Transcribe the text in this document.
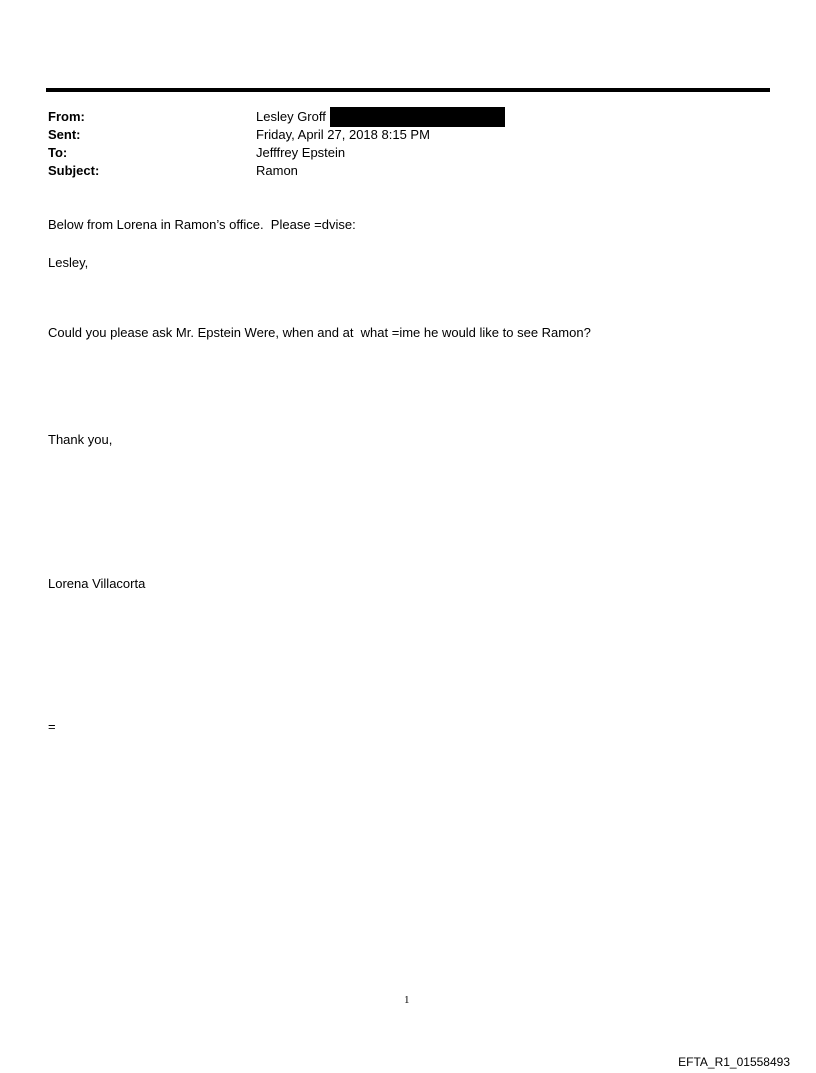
From:	Lesley Groff
Sent:	Friday, April 27, 2018 8:15 PM
To:	Jefffrey Epstein
Subject:	Ramon
Below from Lorena in Ramon’s office.  Please =dvise:
Lesley,
Could you please ask Mr. Epstein Were, when and at  what =ime he would like to see Ramon?
Thank you,
Lorena Villacorta
=
1
EFTA_R1_01558493
